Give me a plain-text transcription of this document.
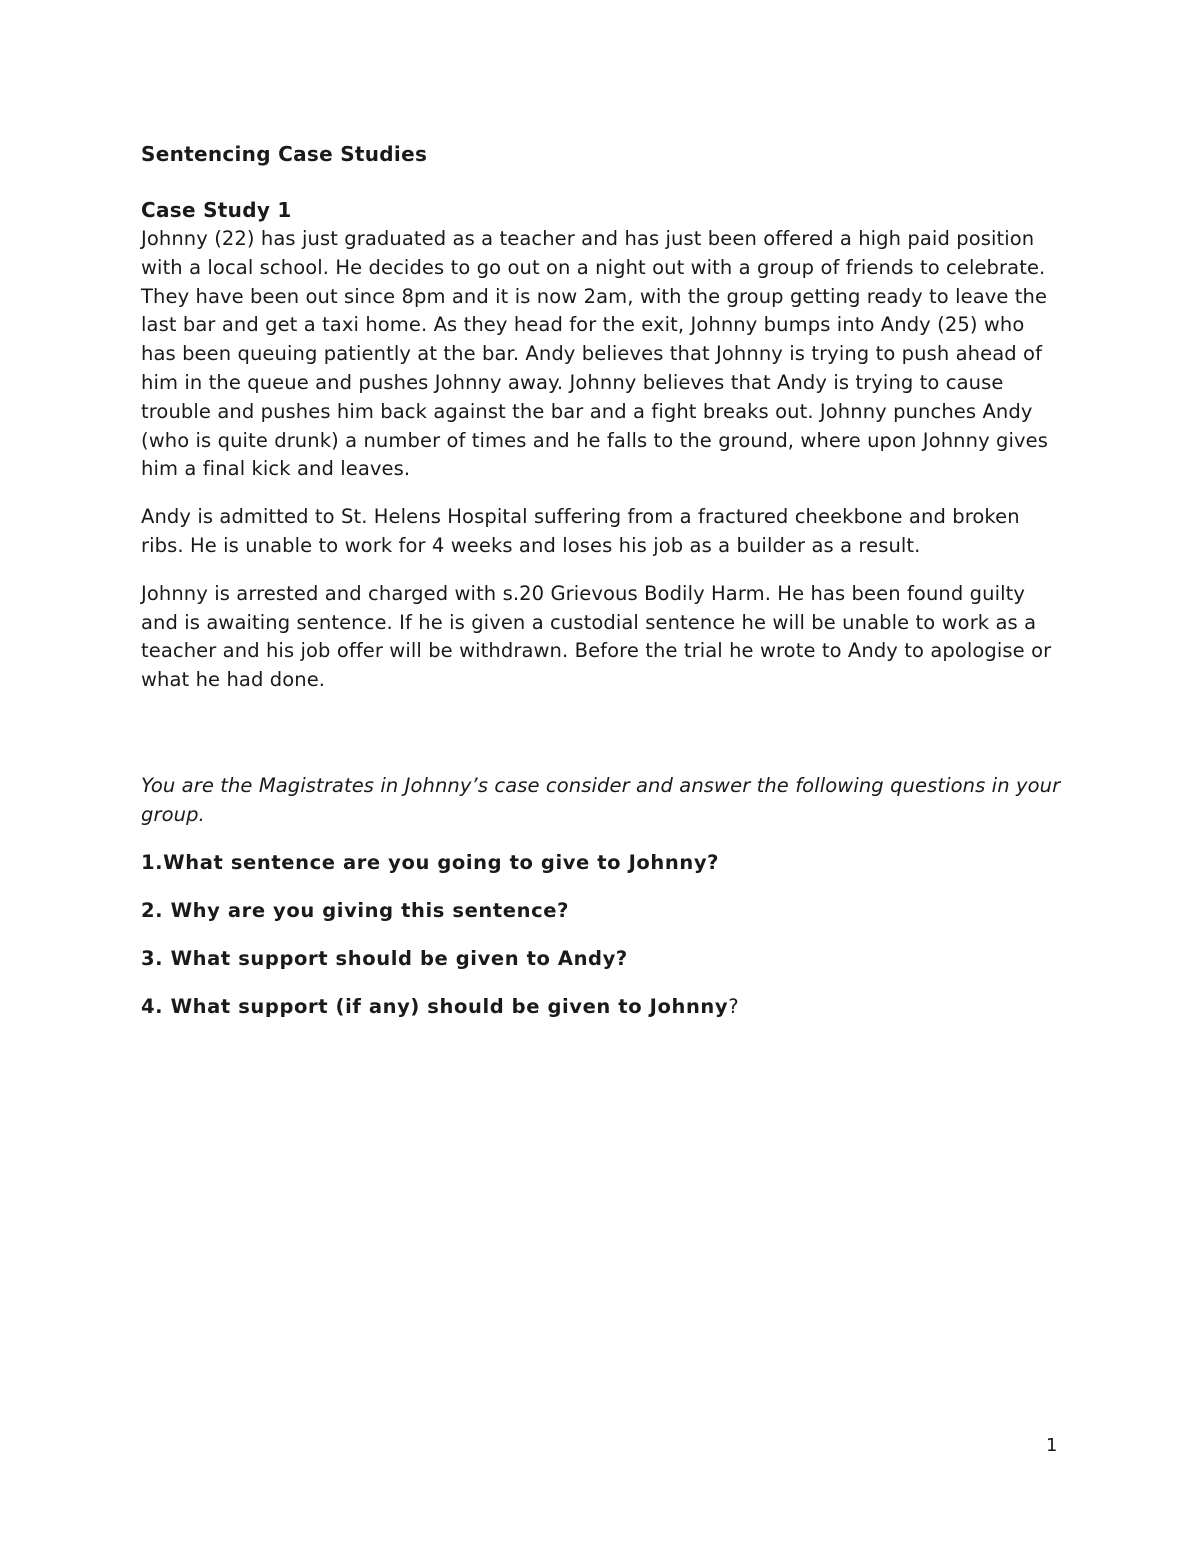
Sentencing Case Studies
Case Study 1

Johnny (22) has just graduated as a teacher and has just been offered a high paid position with a local school. He decides to go out on a night out with a group of friends to celebrate. They have been out since 8pm and it is now 2am, with the group getting ready to leave the last bar and get a taxi home. As they head for the exit, Johnny bumps into Andy (25) who has been queuing patiently at the bar. Andy believes that Johnny is trying to push ahead of him in the queue and pushes Johnny away. Johnny believes that Andy is trying to cause trouble and pushes him back against the bar and a fight breaks out. Johnny punches Andy (who is quite drunk) a number of times and he falls to the ground, where upon Johnny gives him a final kick and leaves.

Andy is admitted to St. Helens Hospital suffering from a fractured cheekbone and broken ribs. He is unable to work for 4 weeks and loses his job as a builder as a result.

Johnny is arrested and charged with s.20 Grievous Bodily Harm. He has been found guilty and is awaiting sentence. If he is given a custodial sentence he will be unable to work as a teacher and his job offer will be withdrawn. Before the trial he wrote to Andy to apologise or what he had done.

You are the Magistrates in Johnny’s case consider and answer the following questions in your group.

1.What sentence are you going to give to Johnny?

2. Why are you giving this sentence?

3. What support should be given to Andy?

4. What support (if any) should be given to Johnny?

1
